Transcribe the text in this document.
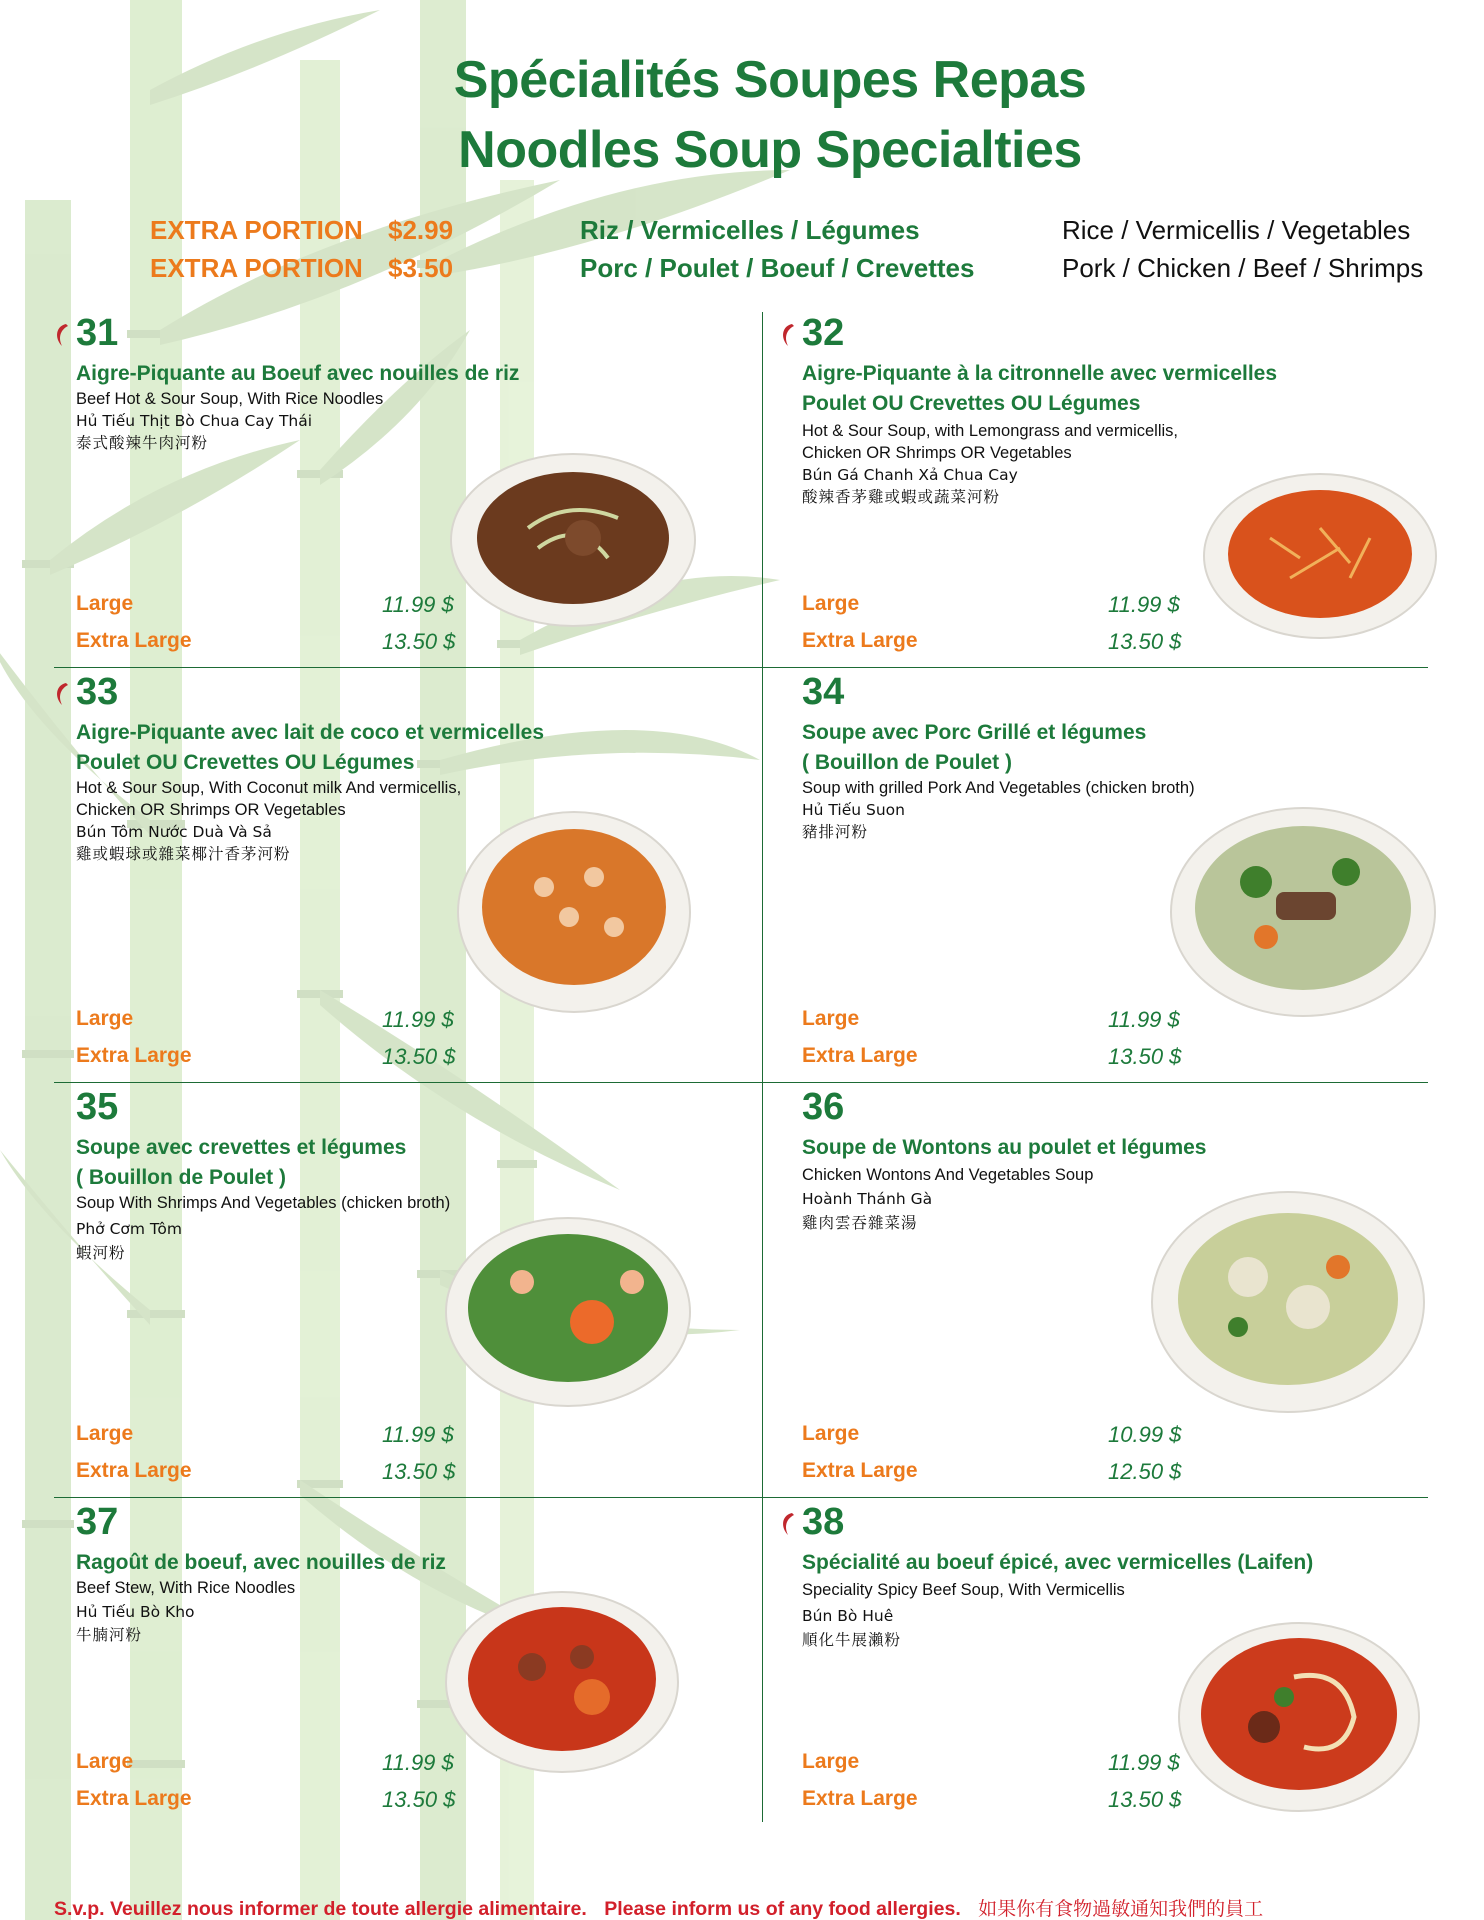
Spécialités Soupes Repas
Noodles Soup Specialties
EXTRA PORTION $2.99	Riz / Vermicelles / Légumes	Rice / Vermicellis / Vegetables
EXTRA PORTION $3.50	Porc / Poulet / Boeuf / Crevettes	Pork / Chicken / Beef / Shrimps
31
Aigre-Piquante au Boeuf avec nouilles de riz
Beef Hot & Sour Soup, With Rice Noodles
Hủ Tiếu Thịt Bò Chua Cay Thái
泰式酸辣牛肉河粉
Large	11.99 $
Extra Large	13.50 $
32
Aigre-Piquante à la citronnelle avec vermicelles
Poulet OU Crevettes OU Légumes
Hot & Sour Soup, with Lemongrass and vermicellis,
Chicken OR Shrimps OR Vegetables
Bún Gá Chanh Xả Chua Cay
酸辣香茅雞或蝦或蔬菜河粉
Large	11.99 $
Extra Large	13.50 $
33
Aigre-Piquante avec lait de coco et vermicelles
Poulet OU Crevettes OU Légumes
Hot & Sour Soup, With Coconut milk And vermicellis,
Chicken OR Shrimps OR Vegetables
Bún Tôm Nước Duà Và Sả
雞或蝦球或雜菜椰汁香茅河粉
Large	11.99 $
Extra Large	13.50 $
34
Soupe avec Porc Grillé et légumes
( Bouillon de Poulet )
Soup with grilled Pork And Vegetables (chicken broth)
Hủ Tiếu Suon
豬排河粉
Large	11.99 $
Extra Large	13.50 $
35
Soupe avec crevettes et légumes
( Bouillon de Poulet )
Soup With Shrimps And Vegetables (chicken broth)
Phở Cơm Tôm
蝦河粉
Large	11.99 $
Extra Large	13.50 $
36
Soupe de Wontons au poulet et légumes
Chicken Wontons And Vegetables Soup
Hoành Thánh Gà
雞肉雲吞雜菜湯
Large	10.99 $
Extra Large	12.50 $
37
Ragoût de boeuf, avec nouilles de riz
Beef Stew, With Rice Noodles
Hủ Tiếu Bò Kho
牛腩河粉
Large	11.99 $
Extra Large	13.50 $
38
Spécialité au boeuf épicé, avec vermicelles (Laifen)
Speciality Spicy Beef Soup, With Vermicellis
Bún Bò Huê
順化牛展瀨粉
Large	11.99 $
Extra Large	13.50 $
S.v.p. Veuillez nous informer de toute allergie alimentaire. Please inform us of any food allergies. 如果你有食物過敏通知我們的員工
